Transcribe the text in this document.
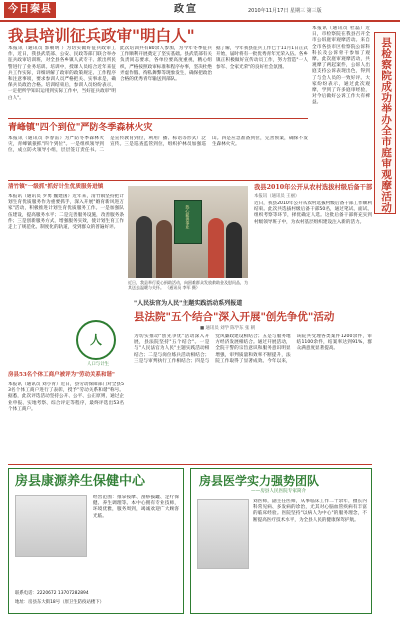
今日秦县	政宣	2010年11月17日 星期三 第三版
我县培训征兵政审"明白人"
本报讯（通讯员 郭朝明 ）为切实做好征兵政审工作，近日，我县武装部、公安、民政等部门联合举办征兵政审培训班，对全县各乡镇人武专干、派出所民警进行了业务培训。培训中，授课人员结合近年来征兵工作实际，详细讲解了政审的政策规定、工作程序和注意事项，要求参训人员严格把关、实事求是，确保兵员政治合格。培训结束后，参训人员纷纷表示，一定把所学知识运用到实际工作中，当好征兵政审"明白人"。
此次培训共有80余人参加，为今年冬季征兵工作顺利开展奠定了坚实基础。县武装部有关负责同志要求，各单位要高度重视，精心组织，严格按照政审标准和程序办事，坚决杜绝弄虚作假、徇私舞弊等现象发生，确保把政治合格的优秀青年输送到部队。
据了解，今年我县征兵工作已于11月1日正式开始，届时将有一批优秀青年光荣入伍。各乡镇正积极做好宣传动员工作，努力营造"一人参军、全家光荣"的良好社会氛围。
青峰镇"四个到位"严防冬季森林火灾
本报讯（通讯员 李春雷）为严防冬季森林火灾，青峰镇狠抓"四个到位"。一是组织领导到位，成立防火领导小组，层层签订责任书。二是宣传教育到位，利用广播、标语等形式广泛宣传。三是巡查监管到位，组织护林员加强巡山。四是应急准备到位，完善预案，确保不发生森林火灾。
本报讯（通讯员 杜磊）近日，市检察院在我县召开全市公诉庭审观摩活动。来自全市各县市区检察院公诉科科长及公诉骨干参加了观摩。此次庭审观摩活动，共观摩了两起案件，公诉人出庭支持公诉表现出色，得到了与会人员的一致好评。大家纷纷表示，通过此次观摩，学到了许多庭审经验，对今后做好公诉工作大有裨益。	县检察院成功举办全市庭审观摩活动
清竹镇"一级抓"抓好计生优质服务进镇
本报讯（通讯员 罗勇 魏建国）近年来，清竹镇坚持把计划生育优质服务作为重要抓手，深入开展"婚育新风进万家"活动，积极推进计划生育优质服务工作。一是加强队伍建设，提高服务水平；二是完善服务设施，改善服务条件；三是创新服务方式，增强服务实效，使计划生育工作走上了规范化、制度化的轨道，受到群众的普遍好评。	热心慈善事业
近日，我县举行爱心捐助活动，向困难群众发放救助金及慰问品，为其送去温暖与关怀。 （通讯员 李军 摄）
我县2010年公开从农村选拔村级后备干部
本报讯（通讯员 王丽）
近日，我县2010年公开从农村选拔村级后备干部工作顺利结束。此次共选拔村级后备干部50名，通过笔试、面试、组织考察等环节，择优确定人选。这批后备干部将充实到村级领导班子中，为农村基层组织建设注入新的活力。
人
人口与计生
房县53名个体工商户被评为"劳动关系和谐"
本报讯（通讯员 刘小青）近日，县劳动保障部门对全县53名个体工商户进行了表彰，授予"劳动关系和谐"称号。据悉，此次评选活动坚持公开、公平、公正原则，通过企业申报、实地考察、综合评定等程序，最终评选出53名个体工商户。
"人民法官为人民"主题实践活动系列报道
县法院"五个结合"深入开展"创先争优"活动
■ 通讯员 刘学 陈学东 张 朝
为切实推动"创先争优"活动深入开展，县法院坚持"五个结合"。一是与"人民法官为人民"主题实践活动相结合；二是与岗位练兵活动相结合；三是与审判执行工作相结合；四是与党风廉政建设相结合；五是与服务地方经济发展相结合。通过开展活动，全院干警的宗旨意识和服务意识明显增强，审判质量和效率不断提升，法院工作取得了显著成效。今年以来，该院共受理各类案件1200余件，审结1100余件，结案率达到91%，群众满意度显著提高。
房县康源养生保健中心
经营范围：推拿按摩、刮痧拔罐、足疗保健、养生调理等。本中心拥有专业技师，环境优雅，服务周到，竭诚欢迎广大顾客光临。
联系电话：2220672 13707282894
地址：房县东大街18号（原卫生防疫站楼下）
房县医学实力强势团队
——房县人民医院专家简介
刘医师，副主任医师，从事临床工作二十余年，擅长内科常见病、多发病的诊治，尤其对心脑血管疾病有丰富的临床经验。医院坚持"以病人为中心"的服务理念，不断提高医疗技术水平，为全县人民的健康保驾护航。
